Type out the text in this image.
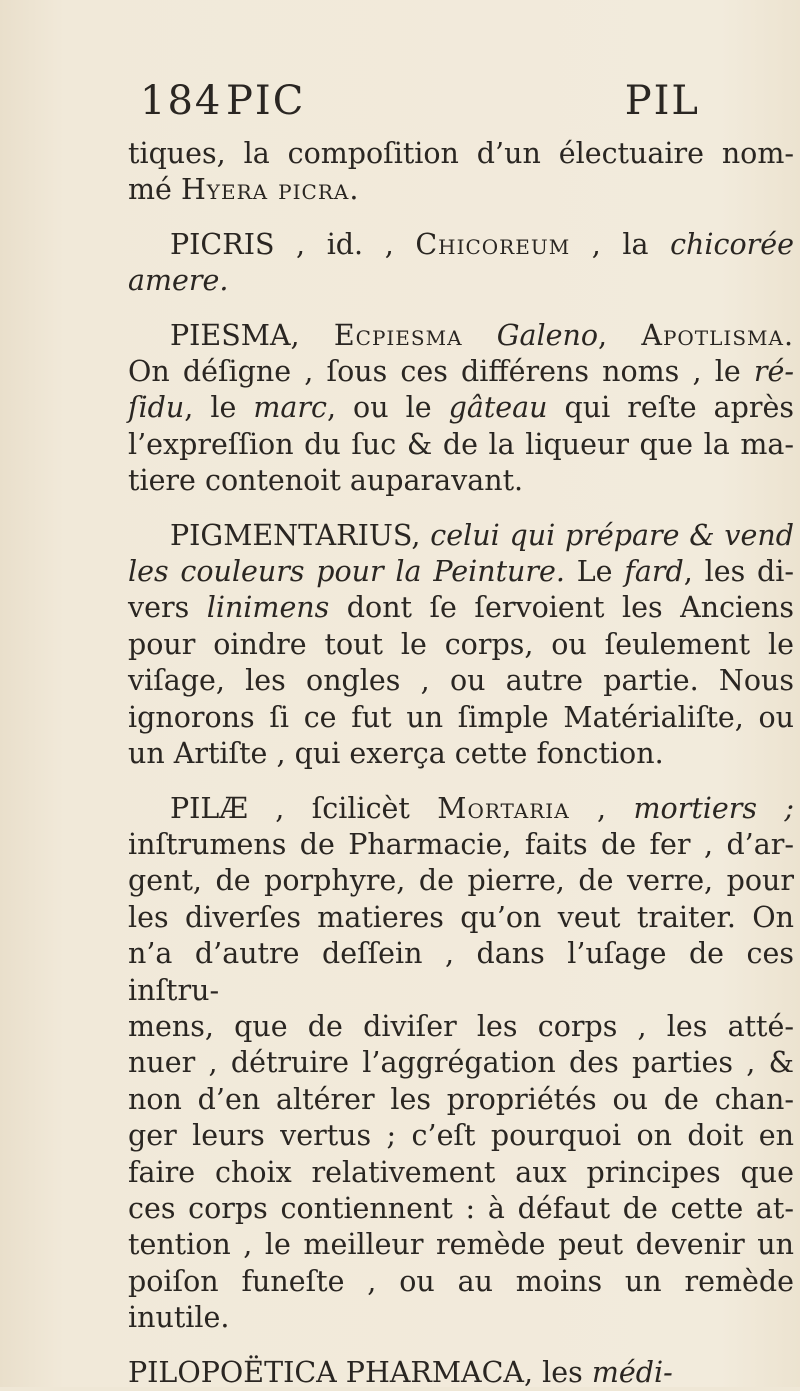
184 PIC	PIL

tiques, la compoſition d’un électuaire nom-
mé Hyera picra.

PICRIS , id. , Chicoreum , la chicorée
amere.

PIESMA, Ecpiesma Galeno, Apotlisma.
On déſigne , ſous ces différens noms , le ré-
ſidu, le marc, ou le gâteau qui reſte après
l’expreſſion du ſuc & de la liqueur que la ma-
tiere contenoit auparavant.

PIGMENTARIUS, celui qui prépare & vend
les couleurs pour la Peinture. Le fard, les di-
vers linimens dont ſe ſervoient les Anciens
pour oindre tout le corps, ou ſeulement le
viſage, les ongles , ou autre partie. Nous
ignorons ſi ce fut un ſimple Matérialiſte, ou
un Artiſte , qui exerça cette fonction.

PILÆ , ſcilicèt Mortaria , mortiers ;
inſtrumens de Pharmacie, faits de fer , d’ar-
gent, de porphyre, de pierre, de verre, pour
les diverſes matieres qu’on veut traiter. On
n’a d’autre deſſein , dans l’uſage de ces inſtru-
mens, que de diviſer les corps , les atté-
nuer , détruire l’aggrégation des parties , &
non d’en altérer les propriétés ou de chan-
ger leurs vertus ; c’eſt pourquoi on doit en
faire choix relativement aux principes que
ces corps contiennent : à défaut de cette at-
tention , le meilleur remède peut devenir un
poiſon funeſte , ou au moins un remède
inutile.

PILOPOËTICA PHARMACA, les médi-
